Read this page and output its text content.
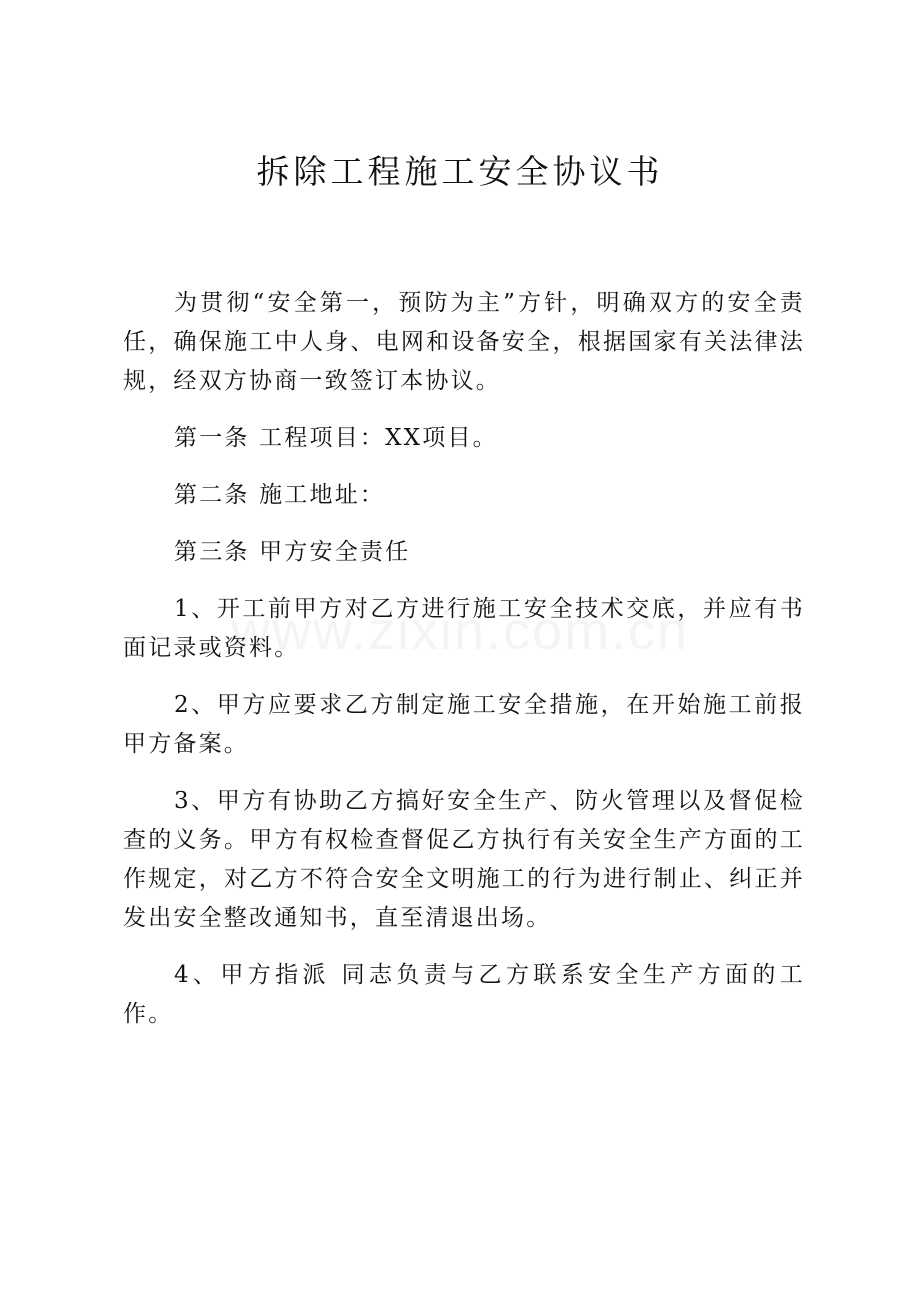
拆除工程施工安全协议书

为贯彻“安全第一，预防为主”方针，明确双方的安全责任，确保施工中人身、电网和设备安全，根据国家有关法律法规，经双方协商一致签订本协议。

第一条 工程项目：XX项目。

第二条 施工地址：

第三条 甲方安全责任

1、开工前甲方对乙方进行施工安全技术交底，并应有书面记录或资料。

2、甲方应要求乙方制定施工安全措施，在开始施工前报甲方备案。

3、甲方有协助乙方搞好安全生产、防火管理以及督促检查的义务。甲方有权检查督促乙方执行有关安全生产方面的工作规定，对乙方不符合安全文明施工的行为进行制止、纠正并发出安全整改通知书，直至清退出场。

4、甲方指派 同志负责与乙方联系安全生产方面的工作。
